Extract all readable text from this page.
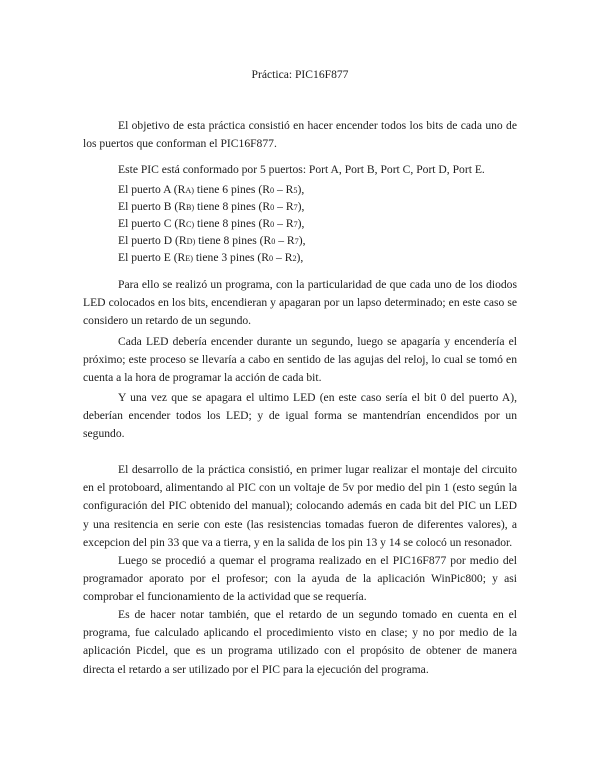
Práctica: PIC16F877

El objetivo de esta práctica consistió en hacer encender todos los bits de cada uno de los puertos que conforman el PIC16F877.

Este PIC está conformado por 5 puertos: Port A, Port B, Port C, Port D, Port E.
El puerto A (RA) tiene 6 pines (R0 – R5),
El puerto B (RB) tiene 8 pines (R0 – R7),
El puerto C (RC) tiene 8 pines (R0 – R7),
El puerto D (RD) tiene 8 pines (R0 – R7),
El puerto E (RE) tiene 3 pines (R0 – R2),

Para ello se realizó un programa, con la particularidad de que cada uno de los diodos LED colocados en los bits, encendieran y apagaran por un lapso determinado; en este caso se considero un retardo de un segundo.

Cada LED debería encender durante un segundo, luego se apagaría y encendería el próximo; este proceso se llevaría a cabo en sentido de las agujas del reloj, lo cual se tomó en cuenta a la hora de programar la acción de cada bit.

Y una vez que se apagara el ultimo LED (en este caso sería el bit 0 del puerto A), deberían encender todos los LED; y de igual forma se mantendrían encendidos por un segundo.

El desarrollo de la práctica consistió, en primer lugar realizar el montaje del circuito en el protoboard, alimentando al PIC con un voltaje de 5v por medio del pin 1 (esto según la configuración del PIC obtenido del manual); colocando además en cada bit del PIC un LED y una resitencia en serie con este (las resistencias tomadas fueron de diferentes valores), a excepcion del pin 33 que va a tierra, y en la salida de los pin 13 y 14 se colocó un resonador.

Luego se procedió a quemar el programa realizado en el PIC16F877 por medio del programador aporato por el profesor; con la ayuda de la aplicación WinPic800; y asi comprobar el funcionamiento de la actividad que se requería.

Es de hacer notar también, que el retardo de un segundo tomado en cuenta en el programa, fue calculado aplicando el procedimiento visto en clase; y no por medio de la aplicación Picdel, que es un programa utilizado con el propósito de obtener de manera directa el retardo a ser utilizado por el PIC para la ejecución del programa.
